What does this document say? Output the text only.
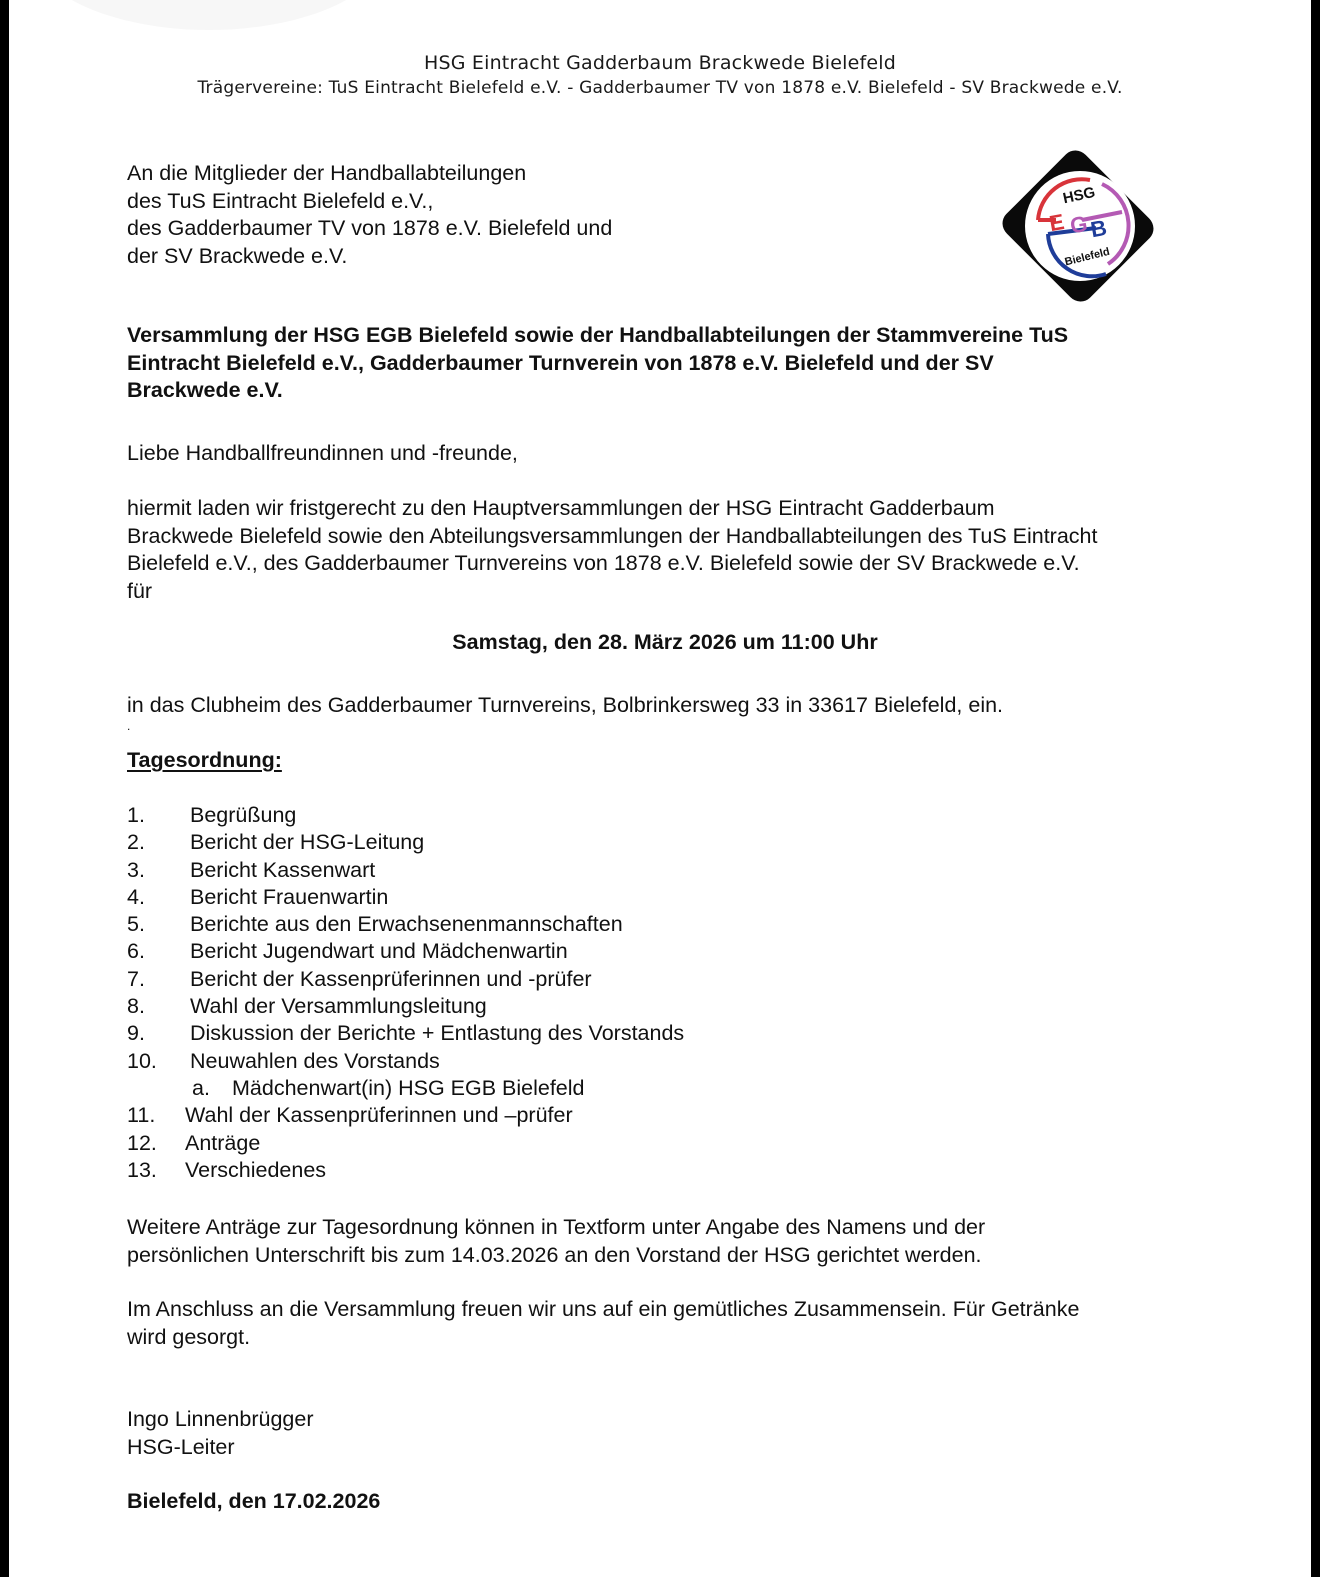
HSG Eintracht Gadderbaum Brackwede Bielefeld
Trägervereine: TuS Eintracht Bielefeld e.V. - Gadderbaumer TV von 1878 e.V. Bielefeld - SV Brackwede e.V.
HSG
E G B
Bielefeld
An die Mitglieder der Handballabteilungen
des TuS Eintracht Bielefeld e.V.,
des Gadderbaumer TV von 1878 e.V. Bielefeld und
der SV Brackwede e.V.
Versammlung der HSG EGB Bielefeld sowie der Handballabteilungen der Stammvereine TuS
Eintracht Bielefeld e.V., Gadderbaumer Turnverein von 1878 e.V. Bielefeld und der SV
Brackwede e.V.
Liebe Handballfreundinnen und -freunde,
hiermit laden wir fristgerecht zu den Hauptversammlungen der HSG Eintracht Gadderbaum
Brackwede Bielefeld sowie den Abteilungsversammlungen der Handballabteilungen des TuS Eintracht
Bielefeld e.V., des Gadderbaumer Turnvereins von 1878 e.V. Bielefeld sowie der SV Brackwede e.V.
für
Samstag, den 28. März 2026 um 11:00 Uhr
in das Clubheim des Gadderbaumer Turnvereins, Bolbrinkersweg 33 in 33617 Bielefeld, ein.
.
Tagesordnung:
1. Begrüßung
2. Bericht der HSG-Leitung
3. Bericht Kassenwart
4. Bericht Frauenwartin
5. Berichte aus den Erwachsenenmannschaften
6. Bericht Jugendwart und Mädchenwartin
7. Bericht der Kassenprüferinnen und -prüfer
8. Wahl der Versammlungsleitung
9. Diskussion der Berichte + Entlastung des Vorstands
10. Neuwahlen des Vorstands
a. Mädchenwart(in) HSG EGB Bielefeld
11. Wahl der Kassenprüferinnen und –prüfer
12. Anträge
13. Verschiedenes
Weitere Anträge zur Tagesordnung können in Textform unter Angabe des Namens und der
persönlichen Unterschrift bis zum 14.03.2026 an den Vorstand der HSG gerichtet werden.
Im Anschluss an die Versammlung freuen wir uns auf ein gemütliches Zusammensein. Für Getränke
wird gesorgt.
Ingo Linnenbrügger
HSG-Leiter
Bielefeld, den 17.02.2026
